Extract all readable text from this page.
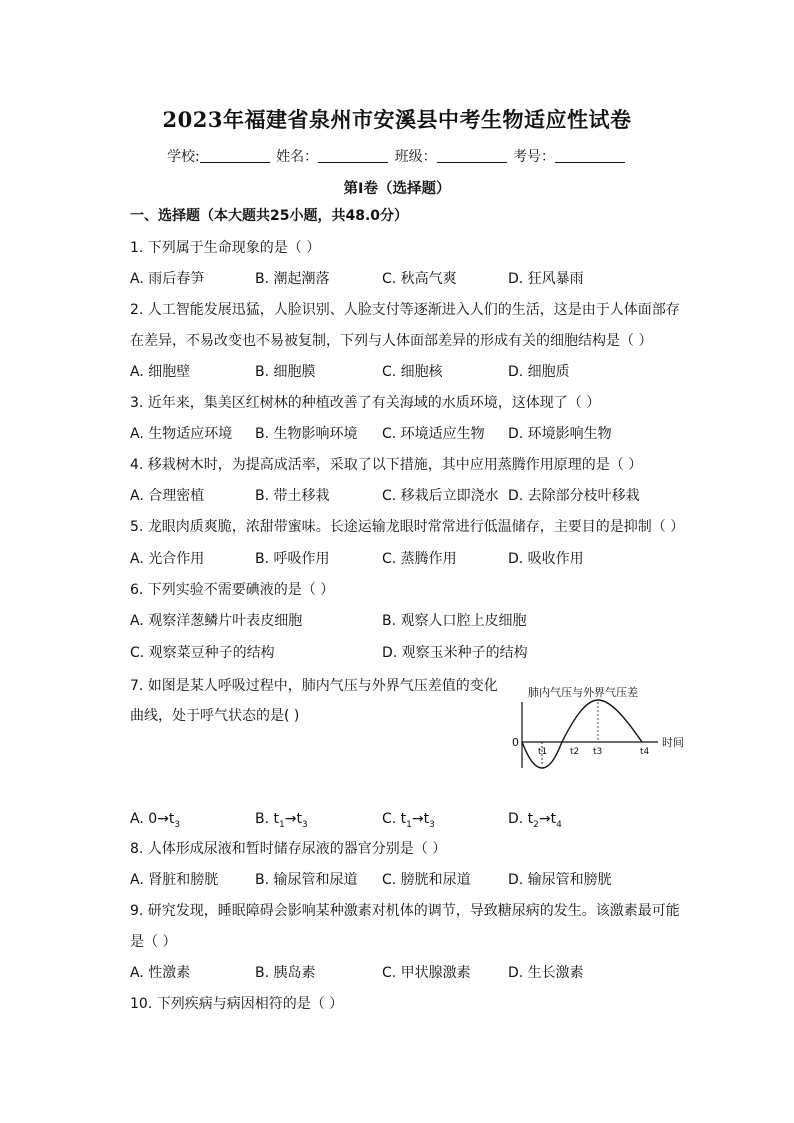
2023年福建省泉州市安溪县中考生物适应性试卷
学校:	姓名：	班级：	考号：
第I卷（选择题）
一、选择题（本大题共25小题，共48.0分）
1. 下列属于生命现象的是（ ）
A. 雨后春笋	B. 潮起潮落	C. 秋高气爽	D. 狂风暴雨
2. 人工智能发展迅猛，人脸识别、人脸支付等逐渐进入人们的生活，这是由于人体面部存
在差异，不易改变也不易被复制，下列与人体面部差异的形成有关的细胞结构是（ ）
A. 细胞壁	B. 细胞膜	C. 细胞核	D. 细胞质
3. 近年来，集美区红树林的种植改善了有关海域的水质环境，这体现了（ ）
A. 生物适应环境 B. 生物影响环境 C. 环境适应生物 D. 环境影响生物
4. 移栽树木时，为提高成活率，采取了以下措施，其中应用蒸腾作用原理的是（ ）
A. 合理密植	B. 带土移栽	C. 移栽后立即浇水 D. 去除部分枝叶移栽
5. 龙眼肉质爽脆，浓甜带蜜味。长途运输龙眼时常常进行低温储存，主要目的是抑制（ ）
A. 光合作用	B. 呼吸作用	C. 蒸腾作用	D. 吸收作用
6. 下列实验不需要碘液的是（ ）
A. 观察洋葱鳞片叶表皮细胞	B. 观察人口腔上皮细胞
C. 观察菜豆种子的结构	D. 观察玉米种子的结构
7. 如图是某人呼吸过程中，肺内气压与外界气压差值的变化
曲线，处于呼气状态的是( )
肺内气压与外界气压差
0
t1	t2 t3	t4
时间
A. $0\to t_3$	B. $t_1\to t_3$	C. $t_1\to t_3$	D. $t_2\to t_4$
8. 人体形成尿液和暂时储存尿液的器官分别是（ ）
A. 肾脏和膀胱	B. 输尿管和尿道 C. 膀胱和尿道	D. 输尿管和膀胱
9. 研究发现，睡眠障碍会影响某种激素对机体的调节，导致糖尿病的发生。该激素最可能
是（ ）
A. 性激素	B. 胰岛素	C. 甲状腺激素	D. 生长激素
10. 下列疾病与病因相符的是（ ）
